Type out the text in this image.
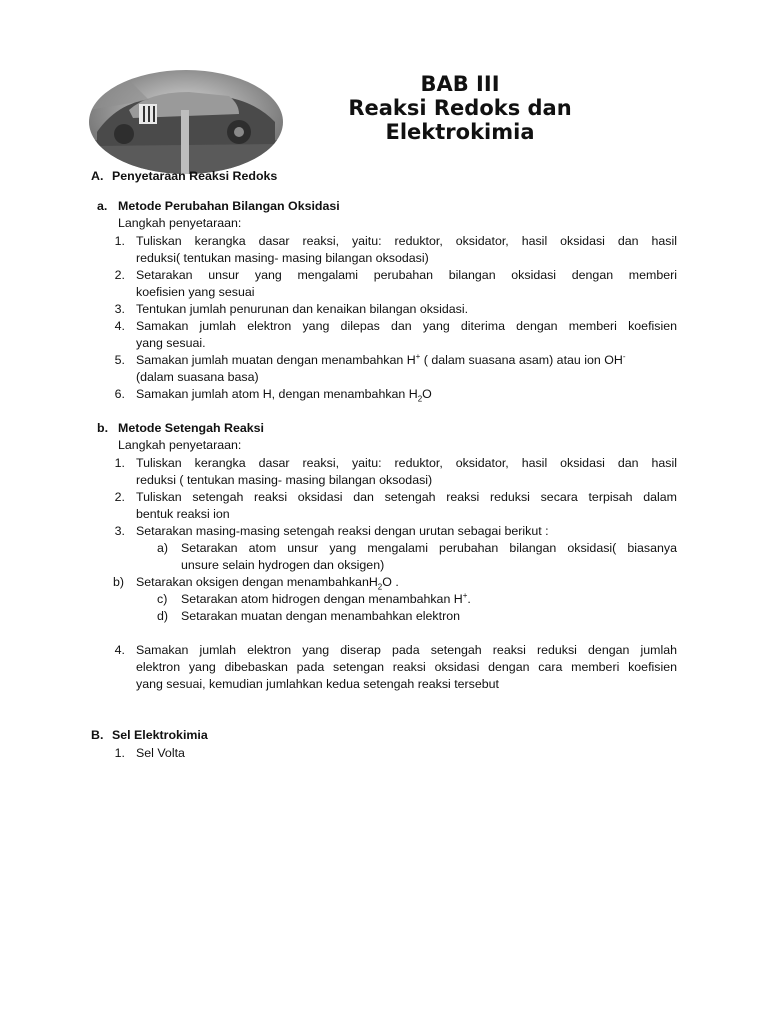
BAB III
Reaksi Redoks dan
Elektrokimia
A. Penyetaraan Reaksi Redoks
a. Metode Perubahan Bilangan Oksidasi
Langkah penyetaraan:
1. Tuliskan kerangka dasar reaksi, yaitu: reduktor, oksidator, hasil oksidasi dan hasil
reduksi( tentukan masing- masing bilangan oksodasi)
2. Setarakan unsur yang mengalami perubahan bilangan oksidasi dengan memberi
koefisien yang sesuai
3. Tentukan jumlah penurunan dan kenaikan bilangan oksidasi.
4. Samakan jumlah elektron yang dilepas dan yang diterima dengan memberi koefisien
yang sesuai.
5. Samakan jumlah muatan dengan menambahkan H+ ( dalam suasana asam) atau ion OH-
(dalam suasana basa)
6. Samakan jumlah atom H, dengan menambahkan $H_2O$
b. Metode Setengah Reaksi
Langkah penyetaraan:
1. Tuliskan kerangka dasar reaksi, yaitu: reduktor, oksidator, hasil oksidasi dan hasil
reduksi ( tentukan masing- masing bilangan oksodasi)
2. Tuliskan setengah reaksi oksidasi dan setengah reaksi reduksi secara terpisah dalam
bentuk reaksi ion
3. Setarakan masing-masing setengah reaksi dengan urutan sebagai berikut :
a) Setarakan atom unsur yang mengalami perubahan bilangan oksidasi( biasanya
unsure selain hydrogen dan oksigen)
b) Setarakan oksigen dengan menambahkanH$_2$O .
c) Setarakan atom hidrogen dengan menambahkan H+.
d) Setarakan muatan dengan menambahkan elektron
4. Samakan jumlah elektron yang diserap pada setengah reaksi reduksi dengan jumlah
elektron yang dibebaskan pada setengan reaksi oksidasi dengan cara memberi koefisien
yang sesuai, kemudian jumlahkan kedua setengah reaksi tersebut
B. Sel Elektrokimia
1. Sel Volta
